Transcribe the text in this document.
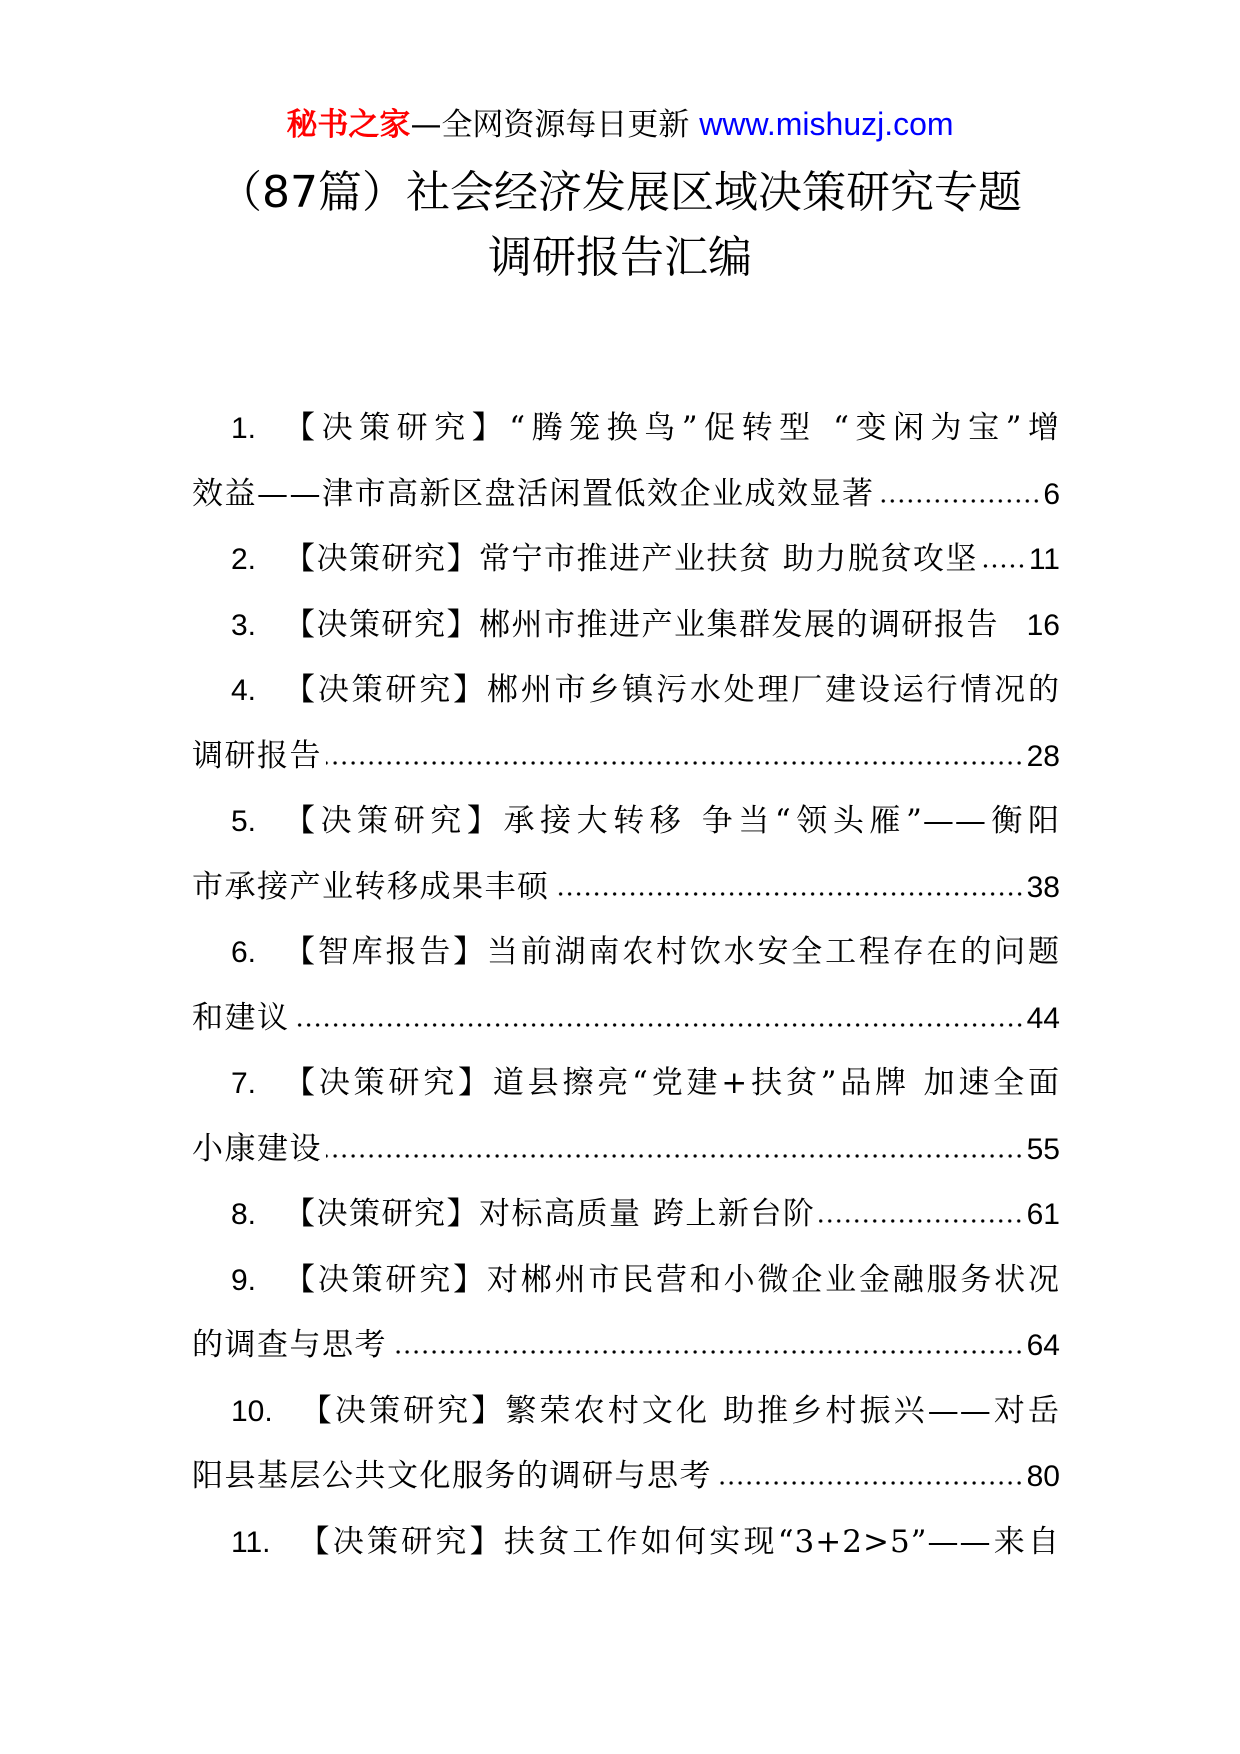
秘书之家—全网资源每日更新 www.mishuzj.com
（87篇）社会经济发展区域决策研究专题
调研报告汇编
1. 【决策研究】“腾笼换鸟”促转型 “变闲为宝”增
效益——津市高新区盘活闲置低效企业成效显著	6
2. 【决策研究】常宁市推进产业扶贫 助力脱贫攻坚 11
3. 【决策研究】郴州市推进产业集群发展的调研报告 16
4. 【决策研究】郴州市乡镇污水处理厂建设运行情况的
调研报告	28
5. 【决策研究】承接大转移 争当“领头雁”——衡阳
市承接产业转移成果丰硕	38
6. 【智库报告】当前湖南农村饮水安全工程存在的问题
和建议	44
7. 【决策研究】道县擦亮“党建+扶贫”品牌 加速全面
小康建设	55
8. 【决策研究】对标高质量 跨上新台阶	61
9. 【决策研究】对郴州市民营和小微企业金融服务状况
的调查与思考	64
10. 【决策研究】繁荣农村文化 助推乡村振兴——对岳
阳县基层公共文化服务的调研与思考	80
11. 【决策研究】扶贫工作如何实现“3+2>5”——来自
